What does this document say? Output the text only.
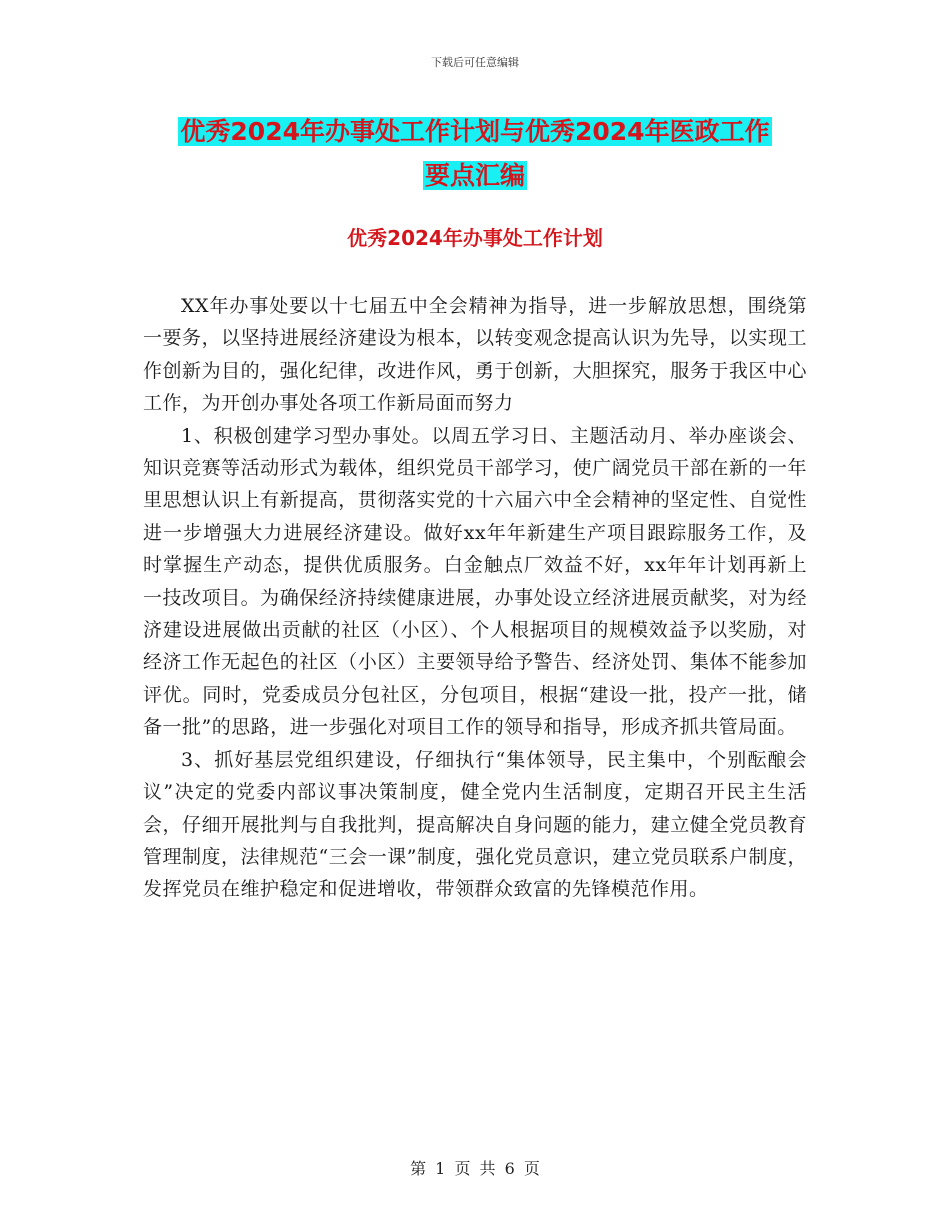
下载后可任意编辑
优秀2024年办事处工作计划与优秀2024年医政工作
要点汇编
优秀2024年办事处工作计划

XX年办事处要以十七届五中全会精神为指导，进一步解放思想，围绕第一要务，以坚持进展经济建设为根本，以转变观念提高认识为先导，以实现工作创新为目的，强化纪律，改进作风，勇于创新，大胆探究，服务于我区中心工作，为开创办事处各项工作新局面而努力

1、积极创建学习型办事处。以周五学习日、主题活动月、举办座谈会、知识竞赛等活动形式为载体，组织党员干部学习，使广阔党员干部在新的一年里思想认识上有新提高，贯彻落实党的十六届六中全会精神的坚定性、自觉性进一步增强大力进展经济建设。做好xx年年新建生产项目跟踪服务工作，及时掌握生产动态，提供优质服务。白金触点厂效益不好，xx年年计划再新上一技改项目。为确保经济持续健康进展，办事处设立经济进展贡献奖，对为经济建设进展做出贡献的社区（小区）、个人根据项目的规模效益予以奖励，对经济工作无起色的社区（小区）主要领导给予警告、经济处罚、集体不能参加评优。同时，党委成员分包社区，分包项目，根据“建设一批，投产一批，储备一批”的思路，进一步强化对项目工作的领导和指导，形成齐抓共管局面。

3、抓好基层党组织建设，仔细执行“集体领导，民主集中，个别酝酿会议”决定的党委内部议事决策制度，健全党内生活制度，定期召开民主生活会，仔细开展批判与自我批判，提高解决自身问题的能力，建立健全党员教育管理制度，法律规范“三会一课”制度，强化党员意识，建立党员联系户制度，发挥党员在维护稳定和促进增收，带领群众致富的先锋模范作用。

第 1 页 共 6 页
